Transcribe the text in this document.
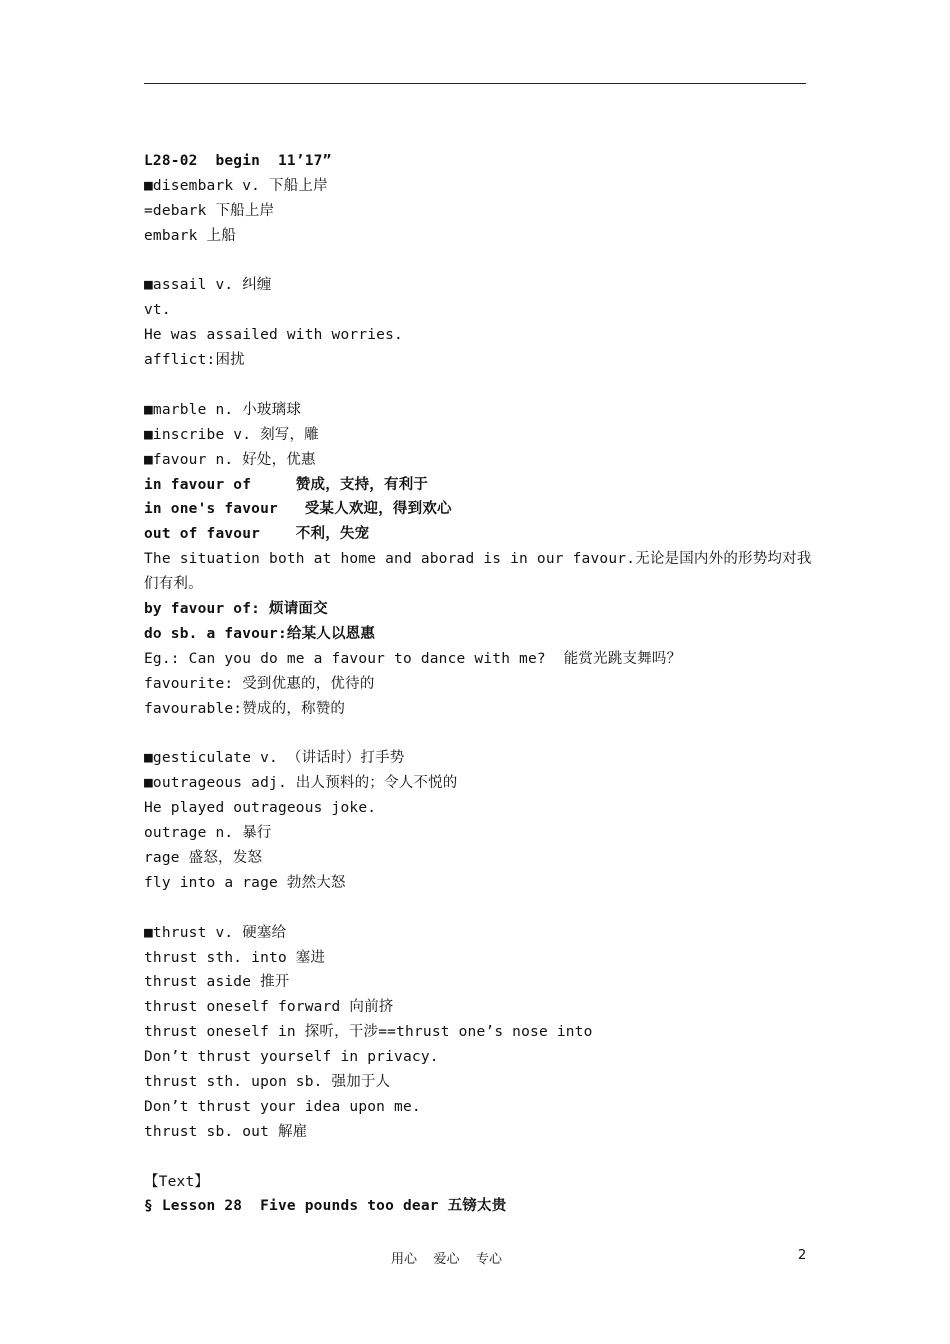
L28-02  begin  11’17”
■disembark v. 下船上岸
=debark 下船上岸
embark 上船
■assail v. 纠缠
vt.
He was assailed with worries.
afflict:困扰
■marble n. 小玻璃球
■inscribe v. 刻写，雕
■favour n. 好处，优惠
in favour of     赞成，支持，有利于
in one's favour   受某人欢迎，得到欢心
out of favour    不利，失宠
The situation both at home and aborad is in our favour.无论是国内外的形势均对我
们有利。
by favour of: 烦请面交
do sb. a favour:给某人以恩惠
Eg.: Can you do me a favour to dance with me?  能赏光跳支舞吗？
favourite: 受到优惠的，优待的
favourable:赞成的，称赞的
■gesticulate v. （讲话时）打手势
■outrageous adj. 出人预料的；令人不悦的
He played outrageous joke.
outrage n. 暴行
rage 盛怒，发怒
fly into a rage 勃然大怒
■thrust v. 硬塞给
thrust sth. into 塞进
thrust aside 推开
thrust oneself forward 向前挤
thrust oneself in 探听，干涉==thrust one’s nose into
Don’t thrust yourself in privacy.
thrust sth. upon sb. 强加于人
Don’t thrust your idea upon me.
thrust sb. out 解雇
【Text】
§ Lesson 28  Five pounds too dear 五镑太贵
用心    爱心    专心	2
